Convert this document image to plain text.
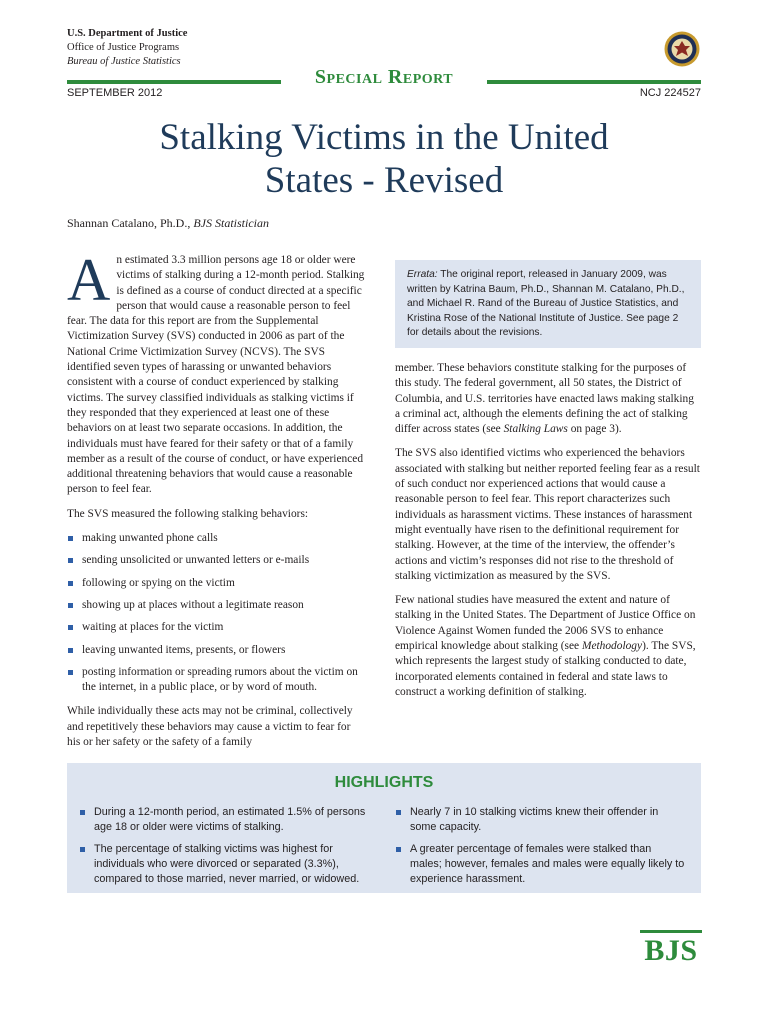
U.S. Department of Justice
Office of Justice Programs
Bureau of Justice Statistics
Special Report
SEPTEMBER 2012	NCJ 224527
Stalking Victims in the United
States - Revised
Shannan Catalano, Ph.D., BJS Statistician

An estimated 3.3 million persons age 18 or older were victims of stalking during a 12-month period. Stalking is defined as a course of conduct directed at a specific person that would cause a reasonable person to feel fear. The data for this report are from the Supplemental Victimization Survey (SVS) conducted in 2006 as part of the National Crime Victimization Survey (NCVS). The SVS identified seven types of harassing or unwanted behaviors consistent with a course of conduct experienced by stalking victims. The survey classified individuals as stalking victims if they responded that they experienced at least one of these behaviors on at least two separate occasions. In addition, the individuals must have feared for their safety or that of a family member as a result of the course of conduct, or have experienced additional threatening behaviors that would cause a reasonable person to feel fear.

The SVS measured the following stalking behaviors:

making unwanted phone calls
sending unsolicited or unwanted letters or e-mails
following or spying on the victim
showing up at places without a legitimate reason
waiting at places for the victim
leaving unwanted items, presents, or flowers
posting information or spreading rumors about the victim on the internet, in a public place, or by word of mouth.

While individually these acts may not be criminal, collectively and repetitively these behaviors may cause a victim to fear for his or her safety or the safety of a family

Errata: The original report, released in January 2009, was written by Katrina Baum, Ph.D., Shannan M. Catalano, Ph.D., and Michael R. Rand of the Bureau of Justice Statistics, and Kristina Rose of the National Institute of Justice. See page 2 for details about the revisions.

member. These behaviors constitute stalking for the purposes of this study. The federal government, all 50 states, the District of Columbia, and U.S. territories have enacted laws making stalking a criminal act, although the elements defining the act of stalking differ across states (see Stalking Laws on page 3).

The SVS also identified victims who experienced the behaviors associated with stalking but neither reported feeling fear as a result of such conduct nor experienced actions that would cause a reasonable person to feel fear. This report characterizes such individuals as harassment victims. These instances of harassment might eventually have risen to the definitional requirement for stalking. However, at the time of the interview, the offender’s actions and victim’s responses did not rise to the threshold of stalking victimization as measured by the SVS.

Few national studies have measured the extent and nature of stalking in the United States. The Department of Justice Office on Violence Against Women funded the 2006 SVS to enhance empirical knowledge about stalking (see Methodology). The SVS, which represents the largest study of stalking conducted to date, incorporated elements contained in federal and state laws to construct a working definition of stalking.

HIGHLIGHTS
During a 12-month period, an estimated 1.5% of persons age 18 or older were victims of stalking.
The percentage of stalking victims was highest for individuals who were divorced or separated (3.3%), compared to those married, never married, or widowed.
Nearly 7 in 10 stalking victims knew their offender in some capacity.
A greater percentage of females were stalked than males; however, females and males were equally likely to experience harassment.
BJS
